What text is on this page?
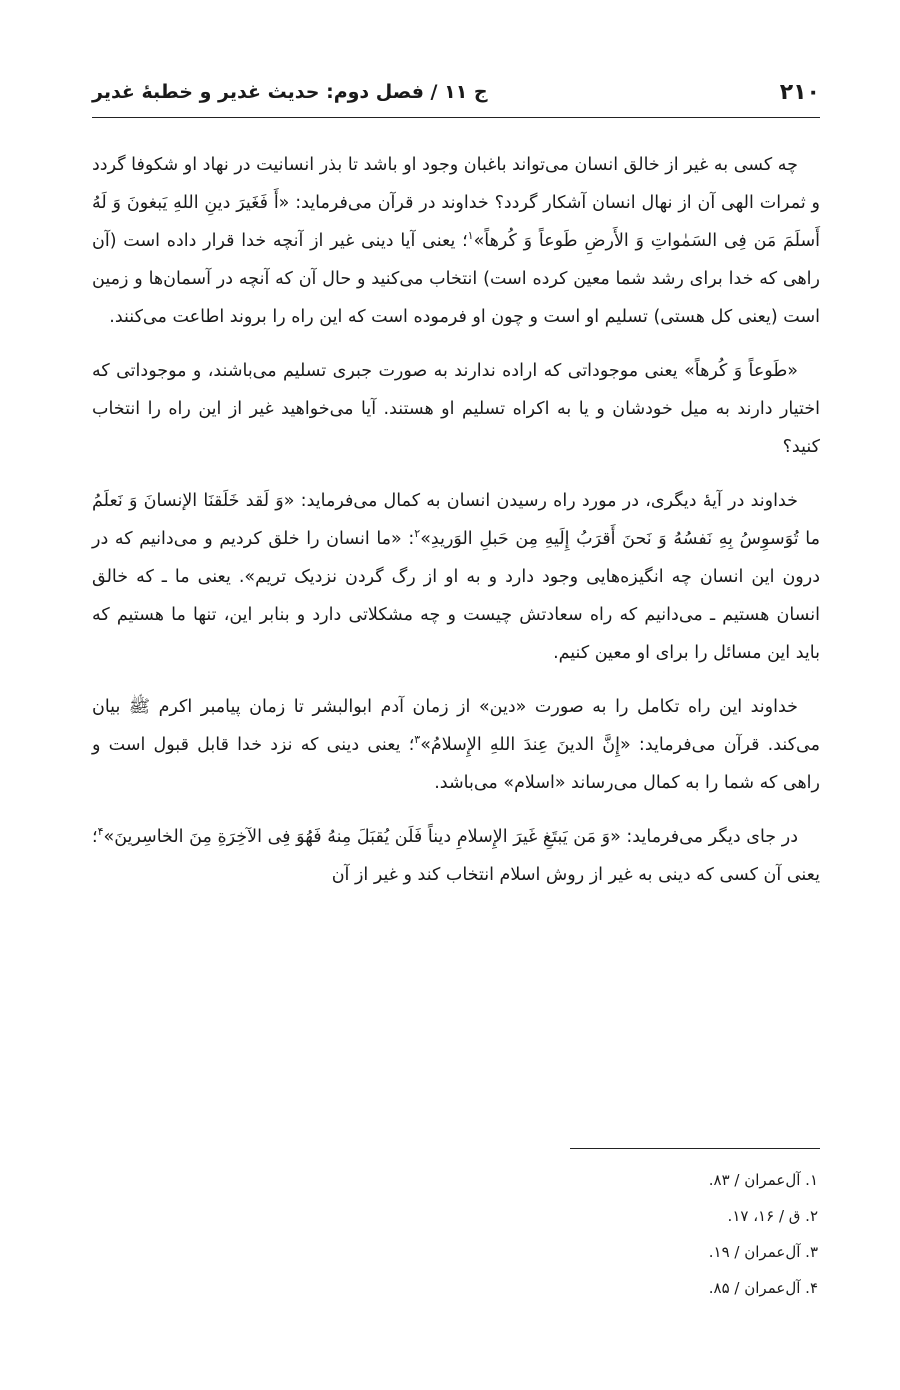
۲۱۰
ج ۱۱ / فصل دوم: حدیث غدیر و خطبهٔ غدیر

چه کسی به غیر از خالق انسان می‌تواند باغبان وجود او باشد تا بذر انسانیت در نهاد او شکوفا گردد و ثمرات الهی آن از نهال انسان آشکار گردد؟ خداوند در قرآن می‌فرماید: «أَ فَغَیرَ دینِ اللهِ یَبغونَ وَ لَهُ أَسلَمَ مَن فِی السَمٰواتِ وَ الأَرضِ طَوعاً وَ کُرهاً»$^۱$؛ یعنی آیا دینی غیر از آنچه خدا قرار داده است (آن راهی که خدا برای رشد شما معین کرده است) انتخاب می‌کنید و حال آن که آنچه در آسمان‌ها و زمین است (یعنی کل هستی) تسلیم او است و چون او فرموده است که این راه را بروند اطاعت می‌کنند.

«طَوعاً وَ کُرهاً» یعنی موجوداتی که اراده ندارند به صورت جبری تسلیم می‌باشند، و موجوداتی که اختیار دارند به میل خودشان و یا به اکراه تسلیم او هستند. آیا می‌خواهید غیر از این راه را انتخاب کنید؟

خداوند در آیهٔ دیگری، در مورد راه رسیدن انسان به کمال می‌فرماید: «وَ لَقد خَلَقنَا الإنسانَ وَ نَعلَمُ ما تُوَسوِسُ بِهِ نَفسُهُ وَ نَحنَ أَقرَبُ إِلَیهِ مِن حَبلِ الوَریدِ»$^۲$: «ما انسان را خلق کردیم و می‌دانیم که در درون این انسان چه انگیزه‌هایی وجود دارد و به او از رگ گردن نزدیک تریم». یعنی ما ـ که خالق انسان هستیم ـ می‌دانیم که راه سعادتش چیست و چه مشکلاتی دارد و بنابر این، تنها ما هستیم که باید این مسائل را برای او معین کنیم.

خداوند این راه تکامل را به صورت «دین» از زمان آدم ابوالبشر تا زمان پیامبر اکرم ﷺ بیان می‌کند. قرآن می‌فرماید: «إِنَّ الدینَ عِندَ اللهِ الإِسلامُ»$^۳$؛ یعنی دینی که نزد خدا قابل قبول است و راهی که شما را به کمال می‌رساند «اسلام» می‌باشد.

در جای دیگر می‌فرماید: «وَ مَن یَبتَغِ غَیرَ الإِسلامِ دیناً فَلَن یُقبَلَ مِنهُ فَهُوَ فِی الآخِرَةِ مِنَ الخاسِرینَ»$^۴$؛ یعنی آن کسی که دینی به غیر از روش اسلام انتخاب کند و غیر از آن

۱. آل‌عمران / ۸۳.
۲. ق / ۱۶، ۱۷.
۳. آل‌عمران / ۱۹.
۴. آل‌عمران / ۸۵.
